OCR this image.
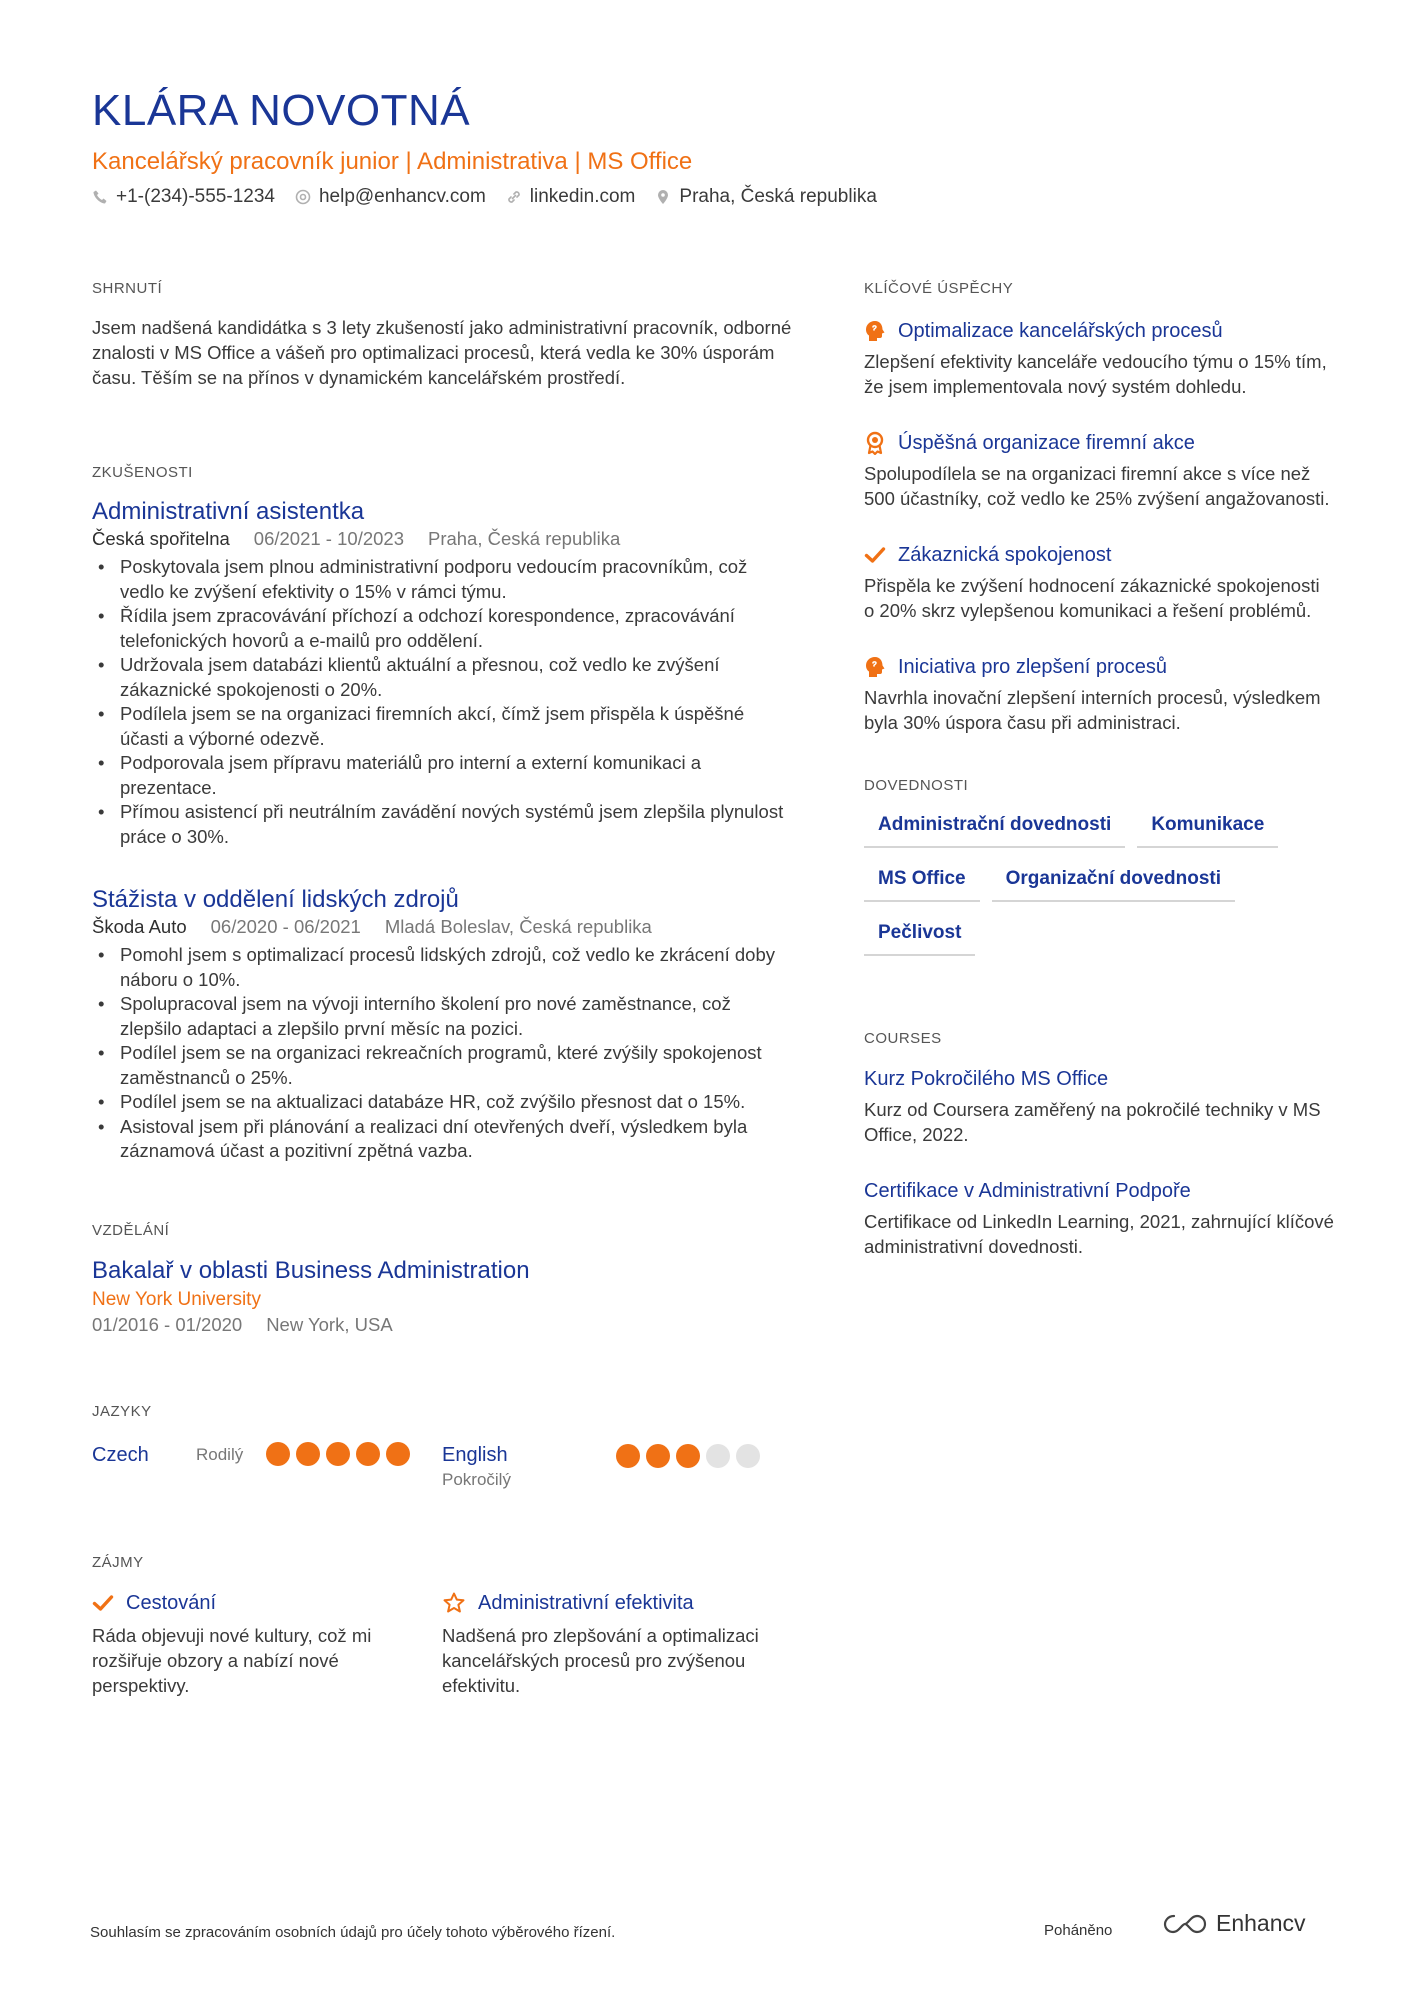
KLÁRA NOVOTNÁ
Kancelářský pracovník junior | Administrativa | MS Office
+1-(234)-555-1234 help@enhancv.com linkedin.com Praha, Česká republika
SHRNUTÍ

Jsem nadšená kandidátka s 3 lety zkušeností jako administrativní pracovník, odborné znalosti v MS Office a vášeň pro optimalizaci procesů, která vedla ke 30% úsporám času. Těším se na přínos v dynamickém kancelářském prostředí.

ZKUŠENOSTI
Administrativní asistentka
Česká spořitelna 06/2021 - 10/2023 Praha, Česká republika
• Poskytovala jsem plnou administrativní podporu vedoucím pracovníkům, což vedlo ke zvýšení efektivity o 15% v rámci týmu.
• Řídila jsem zpracovávání příchozí a odchozí korespondence, zpracovávání telefonických hovorů a e-mailů pro oddělení.
• Udržovala jsem databázi klientů aktuální a přesnou, což vedlo ke zvýšení zákaznické spokojenosti o 20%.
• Podílela jsem se na organizaci firemních akcí, čímž jsem přispěla k úspěšné účasti a výborné odezvě.
• Podporovala jsem přípravu materiálů pro interní a externí komunikaci a prezentace.
• Přímou asistencí při neutrálním zavádění nových systémů jsem zlepšila plynulost práce o 30%.
Stážista v oddělení lidských zdrojů
Škoda Auto 06/2020 - 06/2021 Mladá Boleslav, Česká republika
• Pomohl jsem s optimalizací procesů lidských zdrojů, což vedlo ke zkrácení doby náboru o 10%.
• Spolupracoval jsem na vývoji interního školení pro nové zaměstnance, což zlepšilo adaptaci a zlepšilo první měsíc na pozici.
• Podílel jsem se na organizaci rekreačních programů, které zvýšily spokojenost zaměstnanců o 25%.
• Podílel jsem se na aktualizaci databáze HR, což zvýšilo přesnost dat o 15%.
• Asistoval jsem při plánování a realizaci dní otevřených dveří, výsledkem byla záznamová účast a pozitivní zpětná vazba.
VZDĚLÁNÍ
Bakalař v oblasti Business Administration
New York University
01/2016 - 01/2020 New York, USA
JAZYKY
Czech	Rodilý	English
Pokročilý
ZÁJMY
Cestování
Ráda objevuji nové kultury, což mi rozšiřuje obzory a nabízí nové perspektivy.
Administrativní efektivita
Nadšená pro zlepšování a optimalizaci kancelářských procesů pro zvýšenou efektivitu.
KLÍČOVÉ ÚSPĚCHY
Optimalizace kancelářských procesů
Zlepšení efektivity kanceláře vedoucího týmu o 15% tím, že jsem implementovala nový systém dohledu.
Úspěšná organizace firemní akce
Spolupodílela se na organizaci firemní akce s více než 500 účastníky, což vedlo ke 25% zvýšení angažovanosti.
Zákaznická spokojenost
Přispěla ke zvýšení hodnocení zákaznické spokojenosti o 20% skrz vylepšenou komunikaci a řešení problémů.
Iniciativa pro zlepšení procesů
Navrhla inovační zlepšení interních procesů, výsledkem byla 30% úspora času při administraci.
DOVEDNOSTI
Administrační dovednosti	Komunikace
MS Office	Organizační dovednosti
Pečlivost
COURSES
Kurz Pokročilého MS Office
Kurz od Coursera zaměřený na pokročilé techniky v MS Office, 2022.
Certifikace v Administrativní Podpoře
Certifikace od LinkedIn Learning, 2021, zahrnující klíčové administrativní dovednosti.
Souhlasím se zpracováním osobních údajů pro účely tohoto výběrového řízení.	Poháněno	Enhancv
